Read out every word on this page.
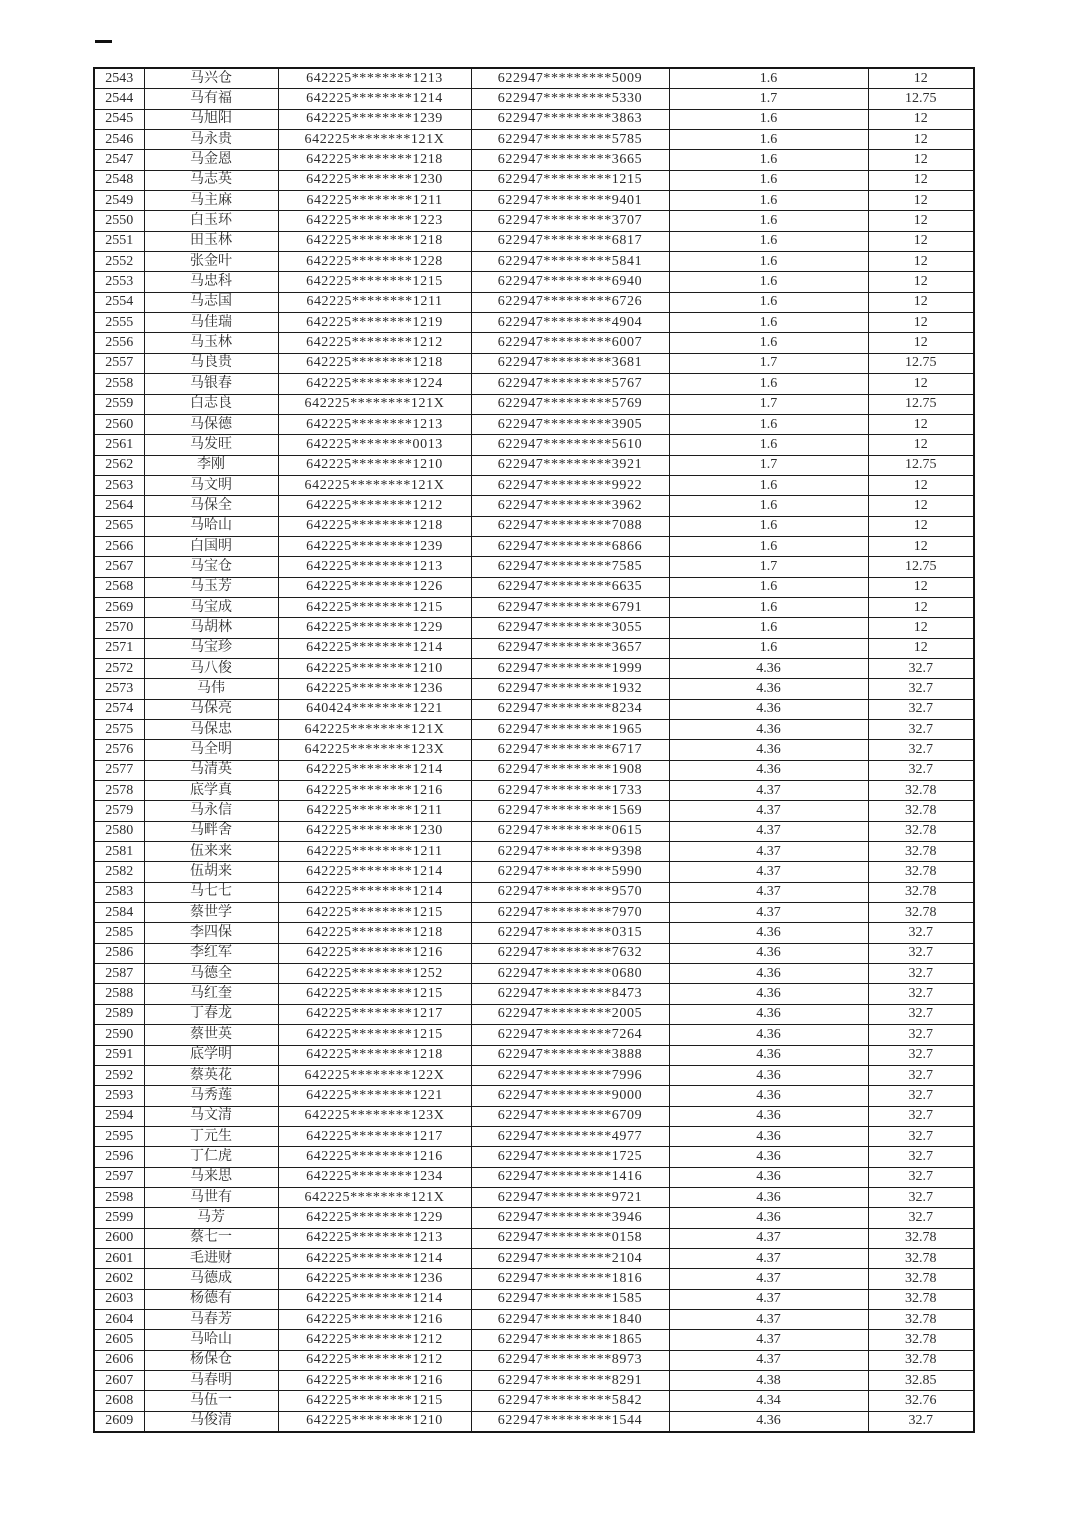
2543	马兴仓	642225********1213	622947*********5009	1.6	12
2544	马有福	642225********1214	622947*********5330	1.7	12.75
2545	马旭阳	642225********1239	622947*********3863	1.6	12
2546	马永贵	642225********121X	622947*********5785	1.6	12
2547	马金恩	642225********1218	622947*********3665	1.6	12
2548	马志英	642225********1230	622947*********1215	1.6	12
2549	马主麻	642225********1211	622947*********9401	1.6	12
2550	白玉环	642225********1223	622947*********3707	1.6	12
2551	田玉林	642225********1218	622947*********6817	1.6	12
2552	张金叶	642225********1228	622947*********5841	1.6	12
2553	马忠科	642225********1215	622947*********6940	1.6	12
2554	马志国	642225********1211	622947*********6726	1.6	12
2555	马佳瑞	642225********1219	622947*********4904	1.6	12
2556	马玉林	642225********1212	622947*********6007	1.6	12
2557	马良贵	642225********1218	622947*********3681	1.7	12.75
2558	马银春	642225********1224	622947*********5767	1.6	12
2559	白志良	642225********121X	622947*********5769	1.7	12.75
2560	马保德	642225********1213	622947*********3905	1.6	12
2561	马发旺	642225********0013	622947*********5610	1.6	12
2562	李刚	642225********1210	622947*********3921	1.7	12.75
2563	马文明	642225********121X	622947*********9922	1.6	12
2564	马保全	642225********1212	622947*********3962	1.6	12
2565	马哈山	642225********1218	622947*********7088	1.6	12
2566	白国明	642225********1239	622947*********6866	1.6	12
2567	马宝仓	642225********1213	622947*********7585	1.7	12.75
2568	马玉芳	642225********1226	622947*********6635	1.6	12
2569	马宝成	642225********1215	622947*********6791	1.6	12
2570	马胡林	642225********1229	622947*********3055	1.6	12
2571	马宝珍	642225********1214	622947*********3657	1.6	12
2572	马八俊	642225********1210	622947*********1999	4.36	32.7
2573	马伟	642225********1236	622947*********1932	4.36	32.7
2574	马保亮	640424********1221	622947*********8234	4.36	32.7
2575	马保忠	642225********121X	622947*********1965	4.36	32.7
2576	马全明	642225********123X	622947*********6717	4.36	32.7
2577	马清英	642225********1214	622947*********1908	4.36	32.7
2578	底学真	642225********1216	622947*********1733	4.37	32.78
2579	马永信	642225********1211	622947*********1569	4.37	32.78
2580	马畔舍	642225********1230	622947*********0615	4.37	32.78
2581	伍来来	642225********1211	622947*********9398	4.37	32.78
2582	伍胡来	642225********1214	622947*********5990	4.37	32.78
2583	马七七	642225********1214	622947*********9570	4.37	32.78
2584	蔡世学	642225********1215	622947*********7970	4.37	32.78
2585	李四保	642225********1218	622947*********0315	4.36	32.7
2586	李红军	642225********1216	622947*********7632	4.36	32.7
2587	马德全	642225********1252	622947*********0680	4.36	32.7
2588	马红奎	642225********1215	622947*********8473	4.36	32.7
2589	丁春龙	642225********1217	622947*********2005	4.36	32.7
2590	蔡世英	642225********1215	622947*********7264	4.36	32.7
2591	底学明	642225********1218	622947*********3888	4.36	32.7
2592	蔡英花	642225********122X	622947*********7996	4.36	32.7
2593	马秀莲	642225********1221	622947*********9000	4.36	32.7
2594	马文清	642225********123X	622947*********6709	4.36	32.7
2595	丁元生	642225********1217	622947*********4977	4.36	32.7
2596	丁仁虎	642225********1216	622947*********1725	4.36	32.7
2597	马来思	642225********1234	622947*********1416	4.36	32.7
2598	马世有	642225********121X	622947*********9721	4.36	32.7
2599	马芳	642225********1229	622947*********3946	4.36	32.7
2600	蔡七一	642225********1213	622947*********0158	4.37	32.78
2601	毛进财	642225********1214	622947*********2104	4.37	32.78
2602	马德成	642225********1236	622947*********1816	4.37	32.78
2603	杨德有	642225********1214	622947*********1585	4.37	32.78
2604	马春芳	642225********1216	622947*********1840	4.37	32.78
2605	马哈山	642225********1212	622947*********1865	4.37	32.78
2606	杨保仓	642225********1212	622947*********8973	4.37	32.78
2607	马春明	642225********1216	622947*********8291	4.38	32.85
2608	马伍一	642225********1215	622947*********5842	4.34	32.76
2609	马俊清	642225********1210	622947*********1544	4.36	32.7
